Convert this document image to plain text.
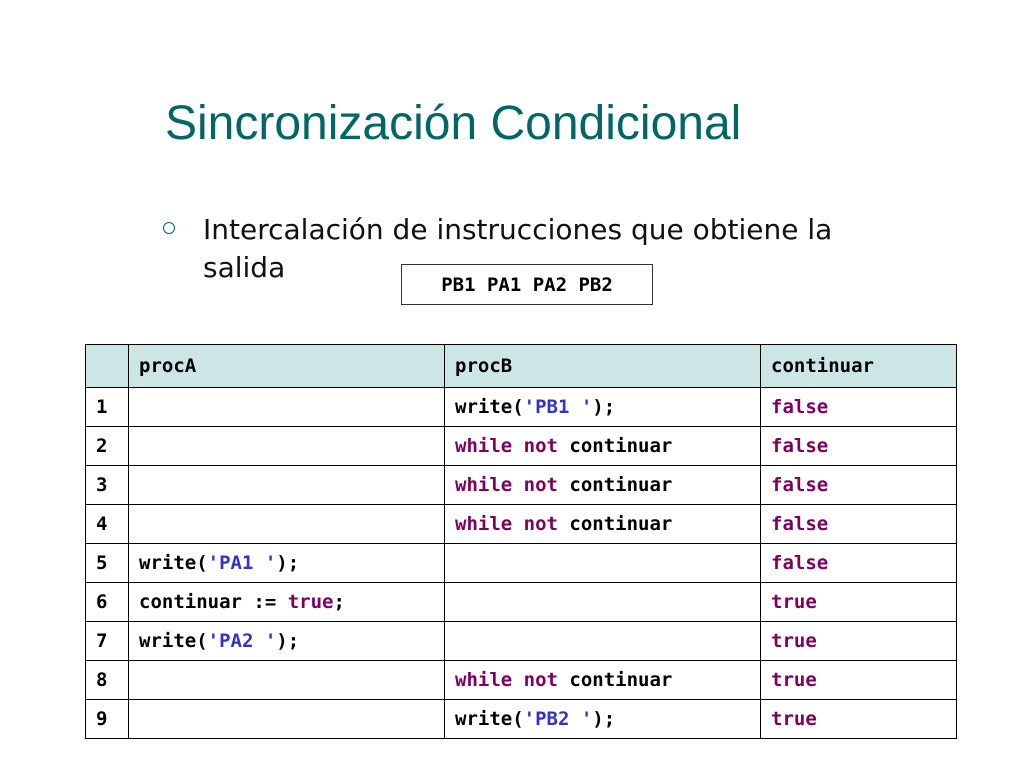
Sincronización Condicional
Intercalación de instrucciones que obtiene la salida
PB1 PA1 PA2 PB2
	procA	procB	continuar
1		write('PB1 ');	false
2		while not continuar	false
3		while not continuar	false
4		while not continuar	false
5	write('PA1 ');		false
6	continuar := true;		true
7	write('PA2 ');		true
8		while not continuar	true
9		write('PB2 ');	true
